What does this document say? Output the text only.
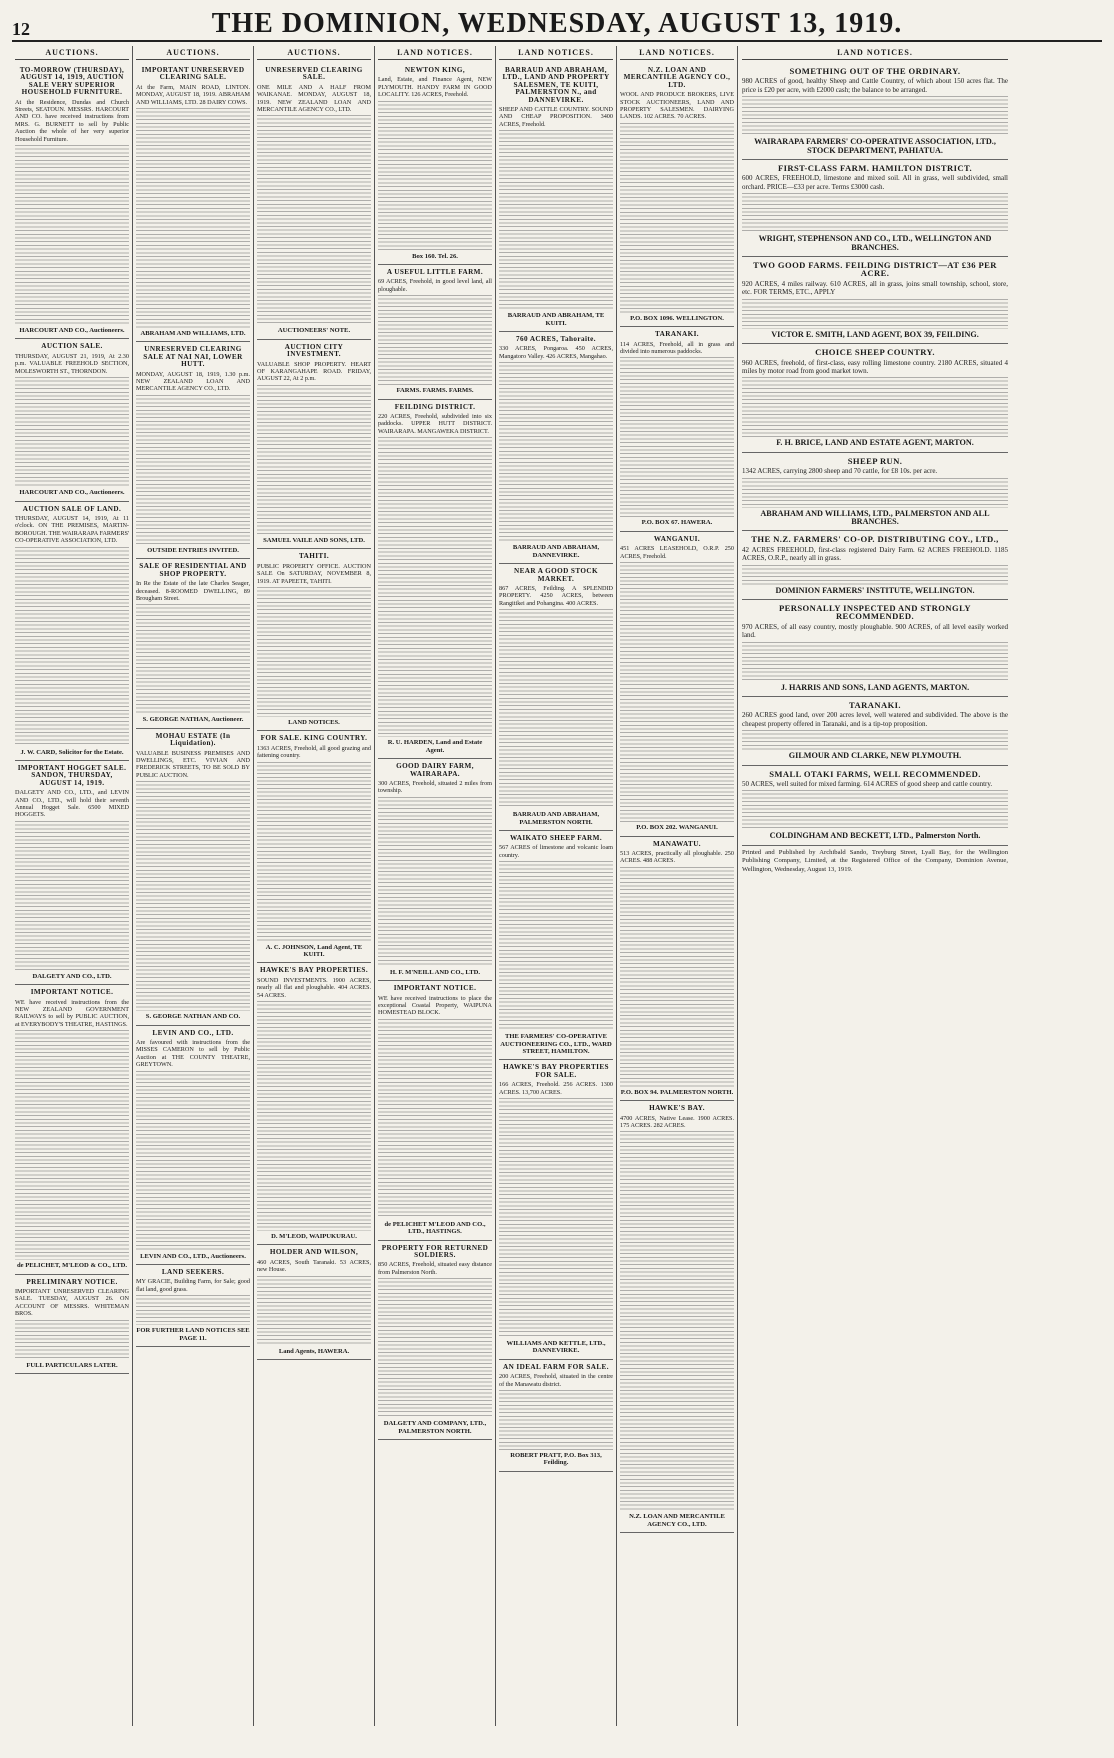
12	THE DOMINION, WEDNESDAY, AUGUST 13, 1919.
AUCTIONS.
TO-MORROW (THURSDAY), AUGUST 14, 1919, AUCTION SALE VERY SUPERIOR HOUSEHOLD FURNITURE.

At the Residence, Dundas and Church Streets, SEATOUN. MESSRS. HARCOURT AND CO. have received instructions from MRS. G. BURNETT to sell by Public Auction the whole of her very superior Household Furniture.

HARCOURT AND CO., Auctioneers.
AUCTION SALE.

THURSDAY, AUGUST 21, 1919, At 2.30 p.m. VALUABLE FREEHOLD SECTION, MOLESWORTH ST., THORNDON.

HARCOURT AND CO., Auctioneers.
AUCTION SALE OF LAND.

THURSDAY, AUGUST 14, 1919, At 11 o'clock. ON THE PREMISES, MARTIN-BOROUGH. THE WAIRARAPA FARMERS' CO-OPERATIVE ASSOCIATION, LTD.

J. W. CARD, Solicitor for the Estate.
IMPORTANT HOGGET SALE. SANDON, THURSDAY, AUGUST 14, 1919.

DALGETY AND CO., LTD., and LEVIN AND CO., LTD., will hold their seventh Annual Hogget Sale. 6500 MIXED HOGGETS.

DALGETY AND CO., LTD.
IMPORTANT NOTICE.

WE have received instructions from the NEW ZEALAND GOVERNMENT RAILWAYS to sell by PUBLIC AUCTION, at EVERYBODY'S THEATRE, HASTINGS.

de PELICHET, M'LEOD & CO., LTD.
PRELIMINARY NOTICE.

IMPORTANT UNRESERVED CLEARING SALE. TUESDAY, AUGUST 26. ON ACCOUNT OF MESSRS. WHITEMAN BROS.

FULL PARTICULARS LATER.
AUCTIONS.
IMPORTANT UNRESERVED CLEARING SALE.

At the Farm, MAIN ROAD, LINTON. MONDAY, AUGUST 18, 1919. ABRAHAM AND WILLIAMS, LTD. 28 DAIRY COWS.

ABRAHAM AND WILLIAMS, LTD.
UNRESERVED CLEARING SALE AT NAI NAI, LOWER HUTT.

MONDAY, AUGUST 18, 1919, 1.30 p.m. NEW ZEALAND LOAN AND MERCANTILE AGENCY CO., LTD.

OUTSIDE ENTRIES INVITED.
SALE OF RESIDENTIAL AND SHOP PROPERTY.

In Re the Estate of the late Charles Seager, deceased. 8-ROOMED DWELLING, 89 Brougham Street.

S. GEORGE NATHAN, Auctioneer.
MOHAU ESTATE (In Liquidation).

VALUABLE BUSINESS PREMISES AND DWELLINGS, ETC. VIVIAN AND FREDERICK STREETS, TO BE SOLD BY PUBLIC AUCTION.

S. GEORGE NATHAN AND CO.
LEVIN AND CO., LTD.

Are favoured with instructions from the MISSES CAMERON to sell by Public Auction at THE COUNTY THEATRE, GREYTOWN.

LEVIN AND CO., LTD., Auctioneers.
LAND SEEKERS.

MY GRACIE, Building Farm, for Sale; good flat land, good grass.

FOR FURTHER LAND NOTICES SEE PAGE 11.
AUCTIONS.
UNRESERVED CLEARING SALE.

ONE MILE AND A HALF FROM WAIKANAE. MONDAY, AUGUST 18, 1919. NEW ZEALAND LOAN AND MERCANTILE AGENCY CO., LTD.

AUCTIONEERS' NOTE.
AUCTION CITY INVESTMENT.

VALUABLE SHOP PROPERTY. HEART OF KARANGAHAPE ROAD. FRIDAY, AUGUST 22, At 2 p.m.

SAMUEL VAILE AND SONS, LTD.
TAHITI.

PUBLIC PROPERTY OFFICE. AUCTION SALE On SATURDAY, NOVEMBER 8, 1919. AT PAPEETE, TAHITI.

LAND NOTICES.
FOR SALE. KING COUNTRY.

1363 ACRES, Freehold, all good grazing and fattening country.

A. C. JOHNSON, Land Agent, TE KUITI.
HAWKE'S BAY PROPERTIES.

SOUND INVESTMENTS. 1900 ACRES, nearly all flat and ploughable. 404 ACRES. 54 ACRES.

D. M'LEOD, WAIPUKURAU.
HOLDER AND WILSON,

460 ACRES, South Taranaki. 53 ACRES, new House.

Land Agents, HAWERA.
LAND NOTICES.
NEWTON KING,

Land, Estate, and Finance Agent, NEW PLYMOUTH. HANDY FARM IN GOOD LOCALITY. 126 ACRES, Freehold.

Box 160. Tel. 26.
A USEFUL LITTLE FARM.

69 ACRES, Freehold, in good level land, all ploughable.

FARMS. FARMS. FARMS.
FEILDING DISTRICT.

220 ACRES, Freehold, subdivided into six paddocks. UPPER HUTT DISTRICT. WAIRARAPA. MANGAWEKA DISTRICT.

R. U. HARDEN, Land and Estate Agent.
GOOD DAIRY FARM, WAIRARAPA.

300 ACRES, Freehold, situated 2 miles from township.

H. F. M'NEILL AND CO., LTD.
IMPORTANT NOTICE.

WE have received instructions to place the exceptional Coastal Property, WAIPUNA HOMESTEAD BLOCK.

de PELICHET M'LEOD AND CO., LTD., HASTINGS.
PROPERTY FOR RETURNED SOLDIERS.

850 ACRES, Freehold, situated easy distance from Palmerston North.

DALGETY AND COMPANY, LTD., PALMERSTON NORTH.
LAND NOTICES.
BARRAUD AND ABRAHAM, LTD., LAND AND PROPERTY SALESMEN, TE KUITI, PALMERSTON N., and DANNEVIRKE.

SHEEP AND CATTLE COUNTRY. SOUND AND CHEAP PROPOSITION. 3400 ACRES, Freehold.

BARRAUD AND ABRAHAM, TE KUITI.
760 ACRES, Tahoraite.

330 ACRES, Pongaroa. 450 ACRES, Mangatoro Valley. 426 ACRES, Mangahao.

BARRAUD AND ABRAHAM, DANNEVIRKE.
NEAR A GOOD STOCK MARKET.

867 ACRES, Feilding. A SPLENDID PROPERTY. 4250 ACRES, between Rangitikei and Pohangina. 400 ACRES.

BARRAUD AND ABRAHAM, PALMERSTON NORTH.
WAIKATO SHEEP FARM.

567 ACRES of limestone and volcanic loam country.

THE FARMERS' CO-OPERATIVE AUCTIONEERING CO., LTD., WARD STREET, HAMILTON.
HAWKE'S BAY PROPERTIES FOR SALE.

166 ACRES, Freehold. 256 ACRES. 1300 ACRES. 13,700 ACRES.

WILLIAMS AND KETTLE, LTD., DANNEVIRKE.
AN IDEAL FARM FOR SALE.

200 ACRES, Freehold, situated in the centre of the Manawatu district.

ROBERT PRATT, P.O. Box 313, Feilding.
LAND NOTICES.
N.Z. LOAN AND MERCANTILE AGENCY CO., LTD.

WOOL AND PRODUCE BROKERS, LIVE STOCK AUCTIONEERS, LAND AND PROPERTY SALESMEN. DAIRYING LANDS. 102 ACRES. 70 ACRES.

P.O. BOX 1096. WELLINGTON.
TARANAKI.

114 ACRES, Freehold, all in grass and divided into numerous paddocks.

P.O. BOX 67. HAWERA.
WANGANUI.

451 ACRES LEASEHOLD, O.R.P. 250 ACRES, Freehold.

P.O. BOX 202. WANGANUI.
MANAWATU.

513 ACRES, practically all ploughable. 250 ACRES. 488 ACRES.

P.O. BOX 94. PALMERSTON NORTH.
HAWKE'S BAY.

4700 ACRES, Native Lease. 1900 ACRES. 175 ACRES. 282 ACRES.

N.Z. LOAN AND MERCANTILE AGENCY CO., LTD.
LAND NOTICES.
SOMETHING OUT OF THE ORDINARY.

980 ACRES of good, healthy Sheep and Cattle Country, of which about 150 acres flat. The price is £20 per acre, with £2000 cash; the balance to be arranged.

WAIRARAPA FARMERS' CO-OPERATIVE ASSOCIATION, LTD., STOCK DEPARTMENT, PAHIATUA.
FIRST-CLASS FARM. HAMILTON DISTRICT.

600 ACRES, FREEHOLD, limestone and mixed soil. All in grass, well subdivided, small orchard. PRICE—£33 per acre. Terms £3000 cash.

WRIGHT, STEPHENSON AND CO., LTD., WELLINGTON AND BRANCHES.
TWO GOOD FARMS. FEILDING DISTRICT—AT £36 PER ACRE.

920 ACRES, 4 miles railway. 610 ACRES, all in grass, joins small township, school, store, etc. FOR TERMS, ETC., APPLY

VICTOR E. SMITH, LAND AGENT, BOX 39, FEILDING.
CHOICE SHEEP COUNTRY.

960 ACRES, freehold, of first-class, easy rolling limestone country. 2180 ACRES, situated 4 miles by motor road from good market town.

F. H. BRICE, LAND AND ESTATE AGENT, MARTON.
SHEEP RUN.

1342 ACRES, carrying 2800 sheep and 70 cattle, for £8 10s. per acre.

ABRAHAM AND WILLIAMS, LTD., PALMERSTON AND ALL BRANCHES.
THE N.Z. FARMERS' CO-OP. DISTRIBUTING COY., LTD.,

42 ACRES FREEHOLD, first-class registered Dairy Farm. 62 ACRES FREEHOLD. 1185 ACRES, O.R.P., nearly all in grass.

DOMINION FARMERS' INSTITUTE, WELLINGTON.
PERSONALLY INSPECTED AND STRONGLY RECOMMENDED.

970 ACRES, of all easy country, mostly ploughable. 900 ACRES, of all level easily worked land.

J. HARRIS AND SONS, LAND AGENTS, MARTON.
TARANAKI.

260 ACRES good land, over 200 acres level, well watered and subdivided. The above is the cheapest property offered in Taranaki, and is a tip-top proposition.

GILMOUR AND CLARKE, NEW PLYMOUTH.
SMALL OTAKI FARMS, WELL RECOMMENDED.

50 ACRES, well suited for mixed farming. 614 ACRES of good sheep and cattle country.

COLDINGHAM AND BECKETT, LTD., Palmerston North.
Printed and Published by Archibald Sando, Treyburg Street, Lyall Bay, for the Wellington Publishing Company, Limited, at the Registered Office of the Company, Dominion Avenue, Wellington, Wednesday, August 13, 1919.
